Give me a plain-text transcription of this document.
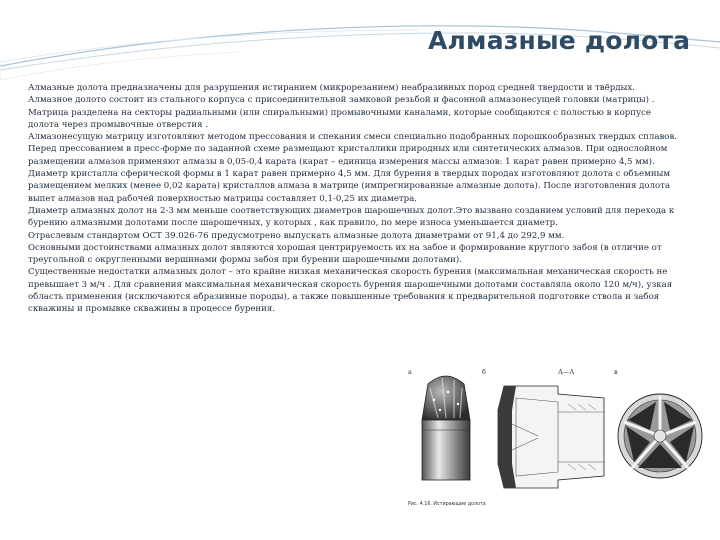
Алмазные долота

Алмазные долота предназначены для разрушения истиранием (микрорезанием) неабразивных пород средней твердости и твёрдых.

Алмазное долото состоит из стального корпуса с присоединительной замковой резьбой и фасонной алмазонесущей головки (матрицы) .

Матрица разделена на секторы радиальными (или спиральными) промывочными каналами, которые сообщаются с полостью в корпусе

долота через промывочные отверстия .

Алмазонесущую матрицу изготовляют методом прессования и спекания смеси специально подобранных порошкообразных твердых сплавов.

Перед прессованием в пресс-форме по заданной схеме размещают кристаллики природных или синтетических алмазов. При однослойном

размещении алмазов применяют алмазы в 0,05-0,4 карата (карат – единица измерения массы алмазов: 1 карат равен примерно 4,5 мм).

Диаметр кристалла сферической формы в 1 карат равен примерно 4,5 мм. Для бурения в твердых породах изготовляют долота с объемным

размещением мелких (менее 0,02 карата) кристаллов алмаза в матрице (импрегнированные алмазные долота). После изготовления долота

выпет алмазов над рабочей поверхностью матрицы составляет 0,1-0,25 их диаметра.

Диаметр алмазных долот на 2-3 мм меньше соответствующих диаметров шарошечных долот.Это вызвано созданием условий для перехода к

бурению алмазными долотами после шарошечных, у которых , как правило, по мере износа уменьшается диаметр.

Отраслевым стандартом ОСТ 39.026-76 предусмотрено выпускать алмазные долота диаметрами от 91,4 до 292,9 мм.

Основными достоинствами алмазных долот являются хорошая центрируемость их на забое и формирование круглого забоя (в отличие от

треугольной с округленными вершинами формы забоя при бурении шарошечными долотами).

Существенные недостатки алмазных долот – это крайне низкая механическая скорость бурения (максимальная механическая скорость не

превышает 3 м/ч . Для сравнения максимальная механическая скорость бурения шарошечными долотами составляла около 120 м/ч), узкая

область применения (исключаются абразивные породы), а также повышенные требования к предварительной подготовке ствола и забоя

скважины и промывке скважины в процессе бурения.

а	б	А—А	в
Рис. 4.16. Истирающие долота
